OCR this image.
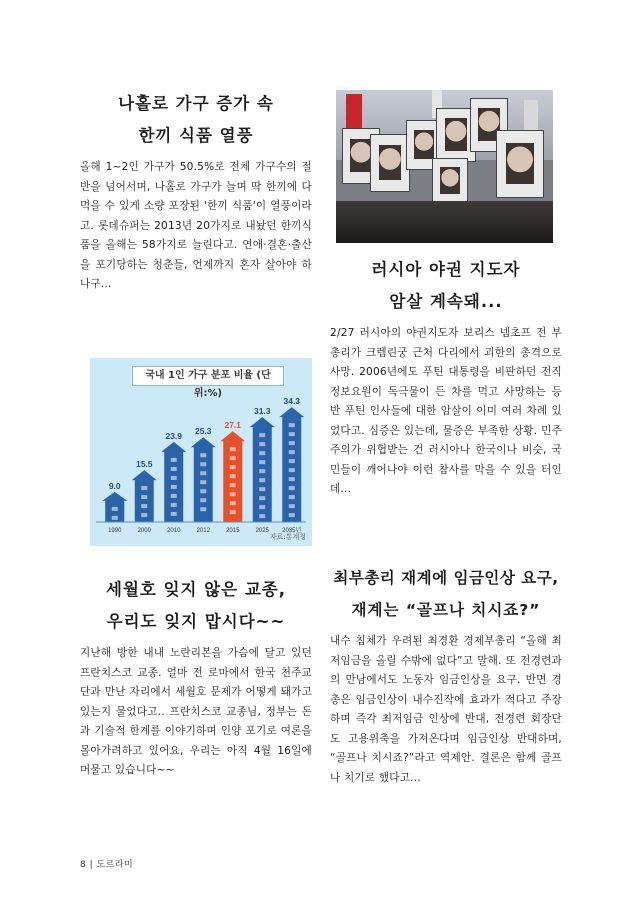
나홀로 가구 증가 속

한끼 식품 열풍

올해 1~2인 가구가 50.5%로 전체 가구수의 절반을 넘어서며, 나홀로 가구가 늘며 딱 한끼에 다 먹을 수 있게 소량 포장된 '한끼 식품'이 열풍이라고. 롯데슈퍼는 2013년 20가지로 내놨던 한끼식품을 올해는 58가지로 늘린다고. 연애·결혼·출산을 포기당하는 청춘들, 언제까지 혼자 살아야 하나구...

국내 1인 가구 분포 비율 (단위:%)
9.0
1990
15.5
2000
23.9
2010
25.3
2012
27.1
2015
31.3
2025
34.3
2035년
자료:통계청

세월호 잊지 않은 교종,

우리도 잊지 맙시다~~

지난해 방한 내내 노란리본을 가슴에 달고 있던 프란치스코 교종. 얼마 전 로마에서 한국 천주교단과 만난 자리에서 세월호 문제가 어떻게 돼가고 있는지 물었다고.. 프란치스코 교종님, 정부는 돈과 기술적 한계를 이야기하며 인양 포기로 여론을 몰아가려하고 있어요, 우리는 아직 4월 16일에 머물고 있습니다~~

러시아 야권 지도자

암살 계속돼...

2/27 러시아의 야권지도자 보리스 넴초프 전 부총리가 크렘린궁 근처 다리에서 괴한의 총격으로 사망. 2006년에도 푸틴 대통령을 비판하던 전직 정보요원이 독극물이 든 차를 먹고 사망하는 등 반 푸틴 인사들에 대한 암살이 이미 여러 차례 있었다고. 심증은 있는데, 물증은 부족한 상황. 민주주의가 위협받는 건 러시아나 한국이나 비슷, 국민들이 깨어나야 이런 참사를 막을 수 있을 터인데...

최부총리 재계에 임금인상 요구,

재계는 “골프나 치시죠?”

내수 침체가 우려된 최경환 경제부총리 “올해 최저임금을 올릴 수밖에 없다”고 말해. 또 전경련과의 만남에서도 노동자 임금인상을 요구. 반면 경총은 임금인상이 내수진작에 효과가 적다고 주장하며 즉각 최저임금 인상에 반대, 전경련 회장단도 고용위축을 가져온다며 임금인상 반대하며, “골프나 치시죠?”라고 역제안. 결론은 함께 골프나 치기로 했다고...

8 | 도르라미
